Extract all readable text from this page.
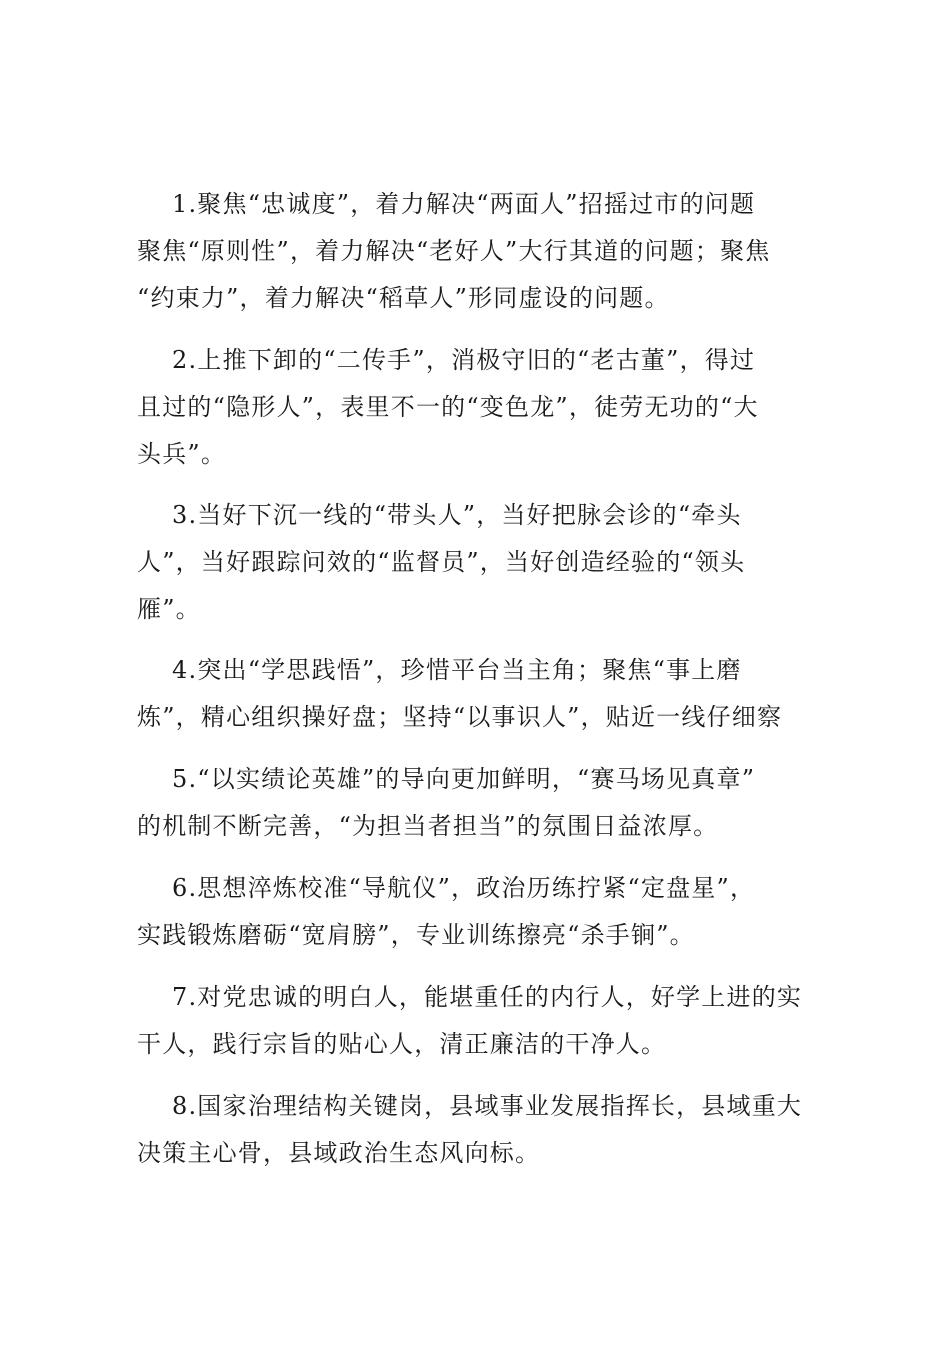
1.聚焦“忠诚度”，着力解决“两面人”招摇过市的问题
聚焦“原则性”，着力解决“老好人”大行其道的问题；聚焦
“约束力”，着力解决“稻草人”形同虚设的问题。
2.上推下卸的“二传手”，消极守旧的“老古董”，得过
且过的“隐形人”，表里不一的“变色龙”，徒劳无功的“大
头兵”。
3.当好下沉一线的“带头人”，当好把脉会诊的“牵头
人”，当好跟踪问效的“监督员”，当好创造经验的“领头
雁”。
4.突出“学思践悟”，珍惜平台当主角；聚焦“事上磨
炼”，精心组织操好盘；坚持“以事识人”，贴近一线仔细察
5.“以实绩论英雄”的导向更加鲜明，“赛马场见真章”
的机制不断完善，“为担当者担当”的氛围日益浓厚。
6.思想淬炼校准“导航仪”，政治历练拧紧“定盘星”，
实践锻炼磨砺“宽肩膀”，专业训练擦亮“杀手锏”。
7.对党忠诚的明白人，能堪重任的内行人，好学上进的实
干人，践行宗旨的贴心人，清正廉洁的干净人。
8.国家治理结构关键岗，县域事业发展指挥长，县域重大
决策主心骨，县域政治生态风向标。
